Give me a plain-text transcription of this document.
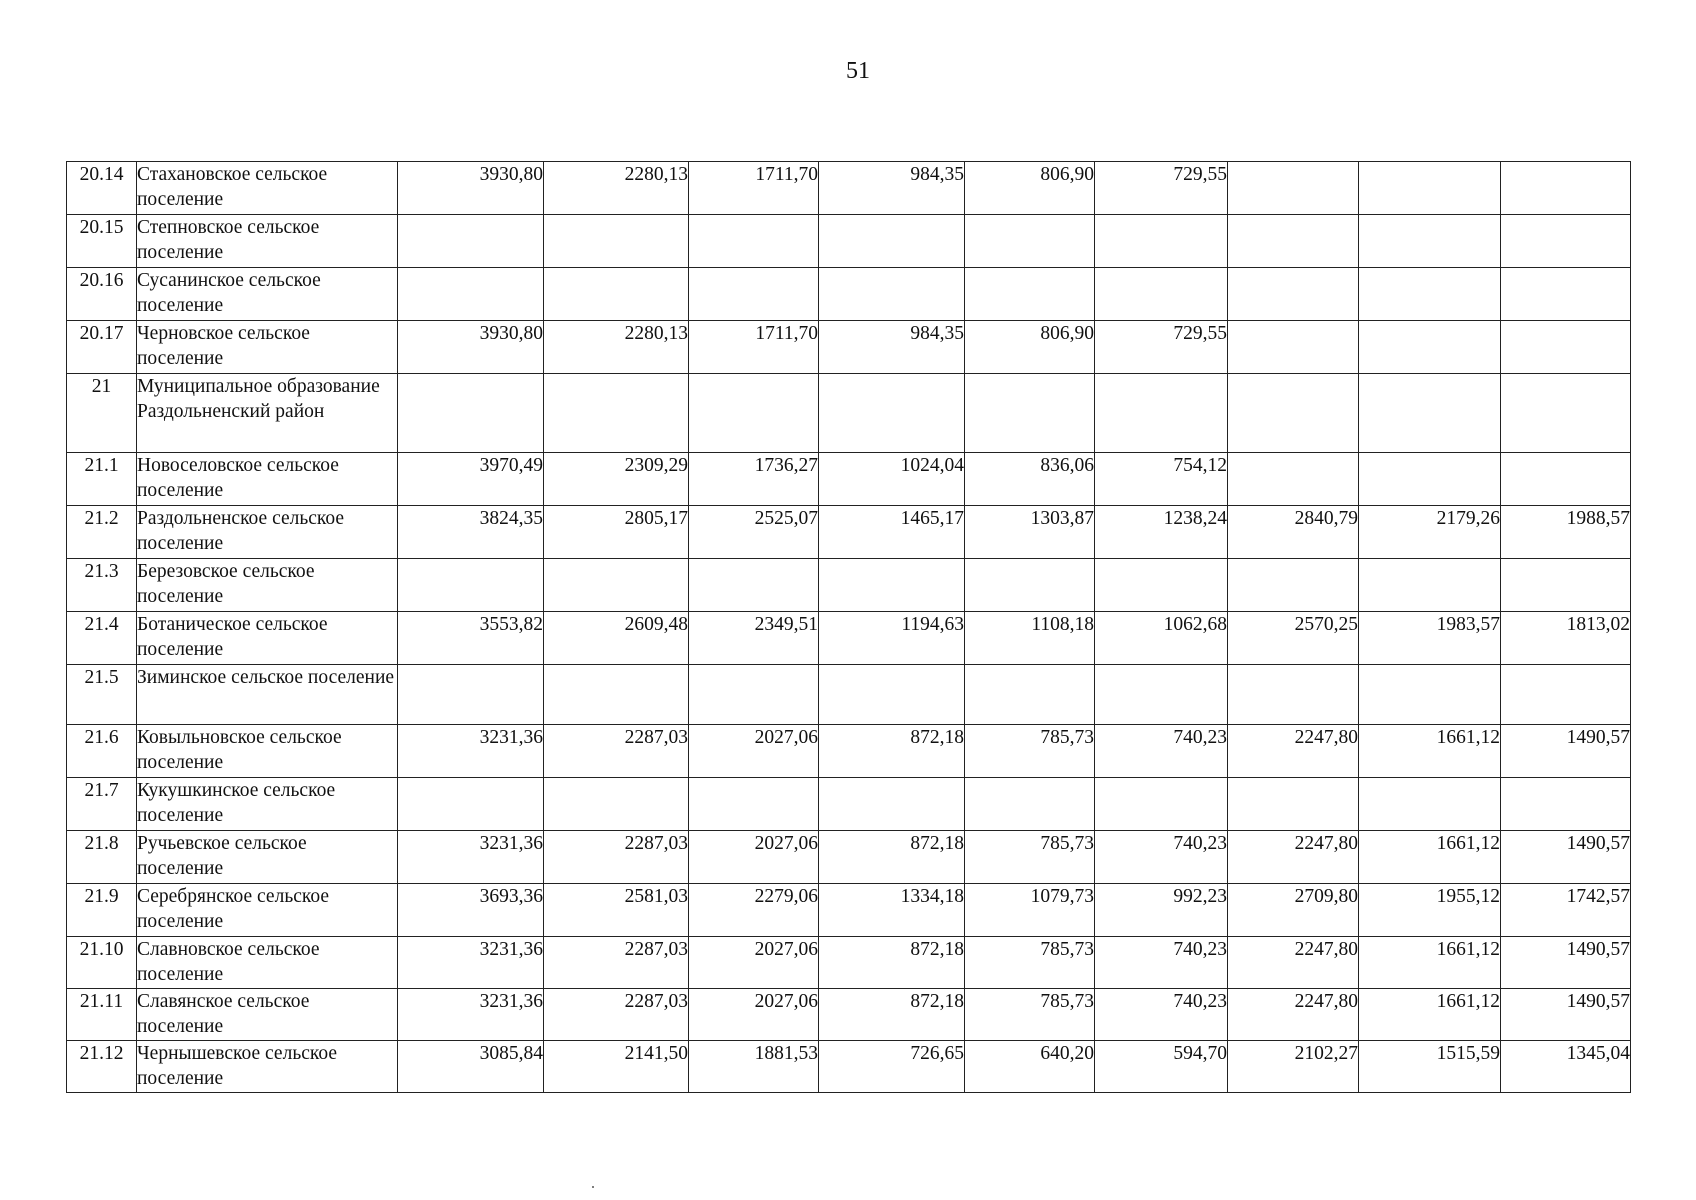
51
20.14	Стахановское сельское поселение	3930,80	2280,13	1711,70	984,35	806,90	729,55			
20.15	Степновское сельское поселение									
20.16	Сусанинское сельское поселение									
20.17	Черновское сельское поселение	3930,80	2280,13	1711,70	984,35	806,90	729,55			
21	Муниципальное образование Раздольненский район									
21.1	Новоселовское сельское поселение	3970,49	2309,29	1736,27	1024,04	836,06	754,12			
21.2	Раздольненское сельское поселение	3824,35	2805,17	2525,07	1465,17	1303,87	1238,24	2840,79	2179,26	1988,57
21.3	Березовское сельское поселение									
21.4	Ботаническое сельское поселение	3553,82	2609,48	2349,51	1194,63	1108,18	1062,68	2570,25	1983,57	1813,02
21.5	Зиминское сельское поселение									
21.6	Ковыльновское сельское поселение	3231,36	2287,03	2027,06	872,18	785,73	740,23	2247,80	1661,12	1490,57
21.7	Кукушкинское сельское поселение									
21.8	Ручьевское сельское поселение	3231,36	2287,03	2027,06	872,18	785,73	740,23	2247,80	1661,12	1490,57
21.9	Серебрянское сельское поселение	3693,36	2581,03	2279,06	1334,18	1079,73	992,23	2709,80	1955,12	1742,57
21.10	Славновское сельское поселение	3231,36	2287,03	2027,06	872,18	785,73	740,23	2247,80	1661,12	1490,57
21.11	Славянское сельское поселение	3231,36	2287,03	2027,06	872,18	785,73	740,23	2247,80	1661,12	1490,57
21.12	Чернышевское сельское поселение	3085,84	2141,50	1881,53	726,65	640,20	594,70	2102,27	1515,59	1345,04
